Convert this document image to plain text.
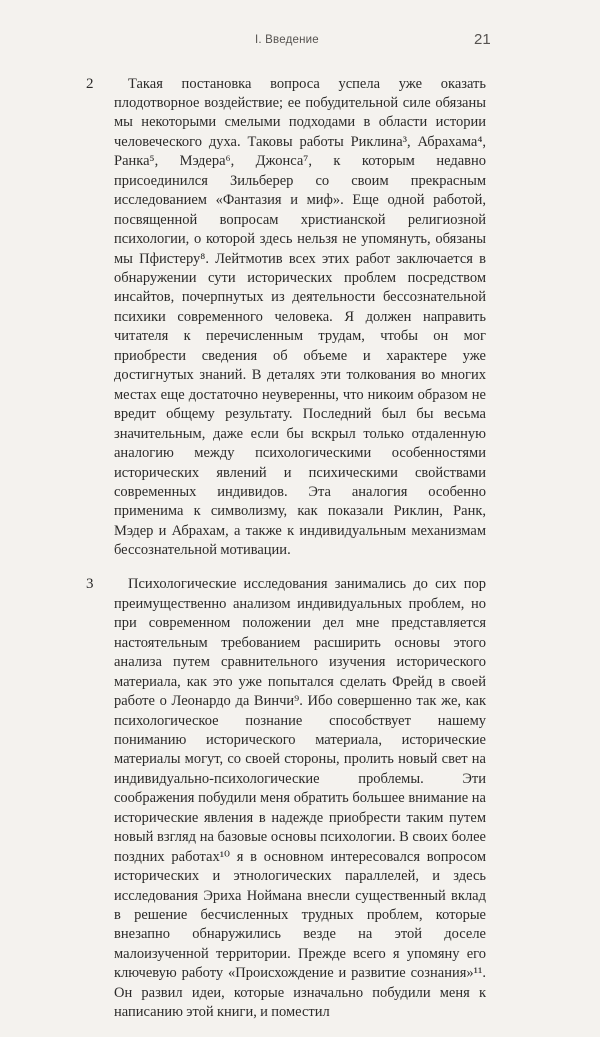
I. Введение	21
2	Такая постановка вопроса успела уже оказать плодотворное воздействие; ее побудительной силе обязаны мы некоторыми смелыми подходами в области истории человеческого духа. Таковы работы Риклина³, Абрахама⁴, Ранка⁵, Мэдера⁶, Джонса⁷, к которым недавно присоединился Зильберер со своим прекрасным исследованием «Фантазия и миф». Еще одной работой, посвященной вопросам христианской религиозной психологии, о которой здесь нельзя не упомянуть, обязаны мы Пфистеру⁸. Лейтмотив всех этих работ заключается в обнаружении сути исторических проблем посредством инсайтов, почерпнутых из деятельности бессознательной психики современного человека. Я должен направить читателя к перечисленным трудам, чтобы он мог приобрести сведения об объеме и характере уже достигнутых знаний. В деталях эти толкования во многих местах еще достаточно неуверенны, что никоим образом не вредит общему результату. Последний был бы весьма значительным, даже если бы вскрыл только отдаленную аналогию между психологическими особенностями исторических явлений и психическими свойствами современных индивидов. Эта аналогия особенно применима к символизму, как показали Риклин, Ранк, Мэдер и Абрахам, а также к индивидуальным механизмам бессознательной мотивации.

3	Психологические исследования занимались до сих пор преимущественно анализом индивидуальных проблем, но при современном положении дел мне представляется настоятельным требованием расширить основы этого анализа путем сравнительного изучения исторического материала, как это уже попытался сделать Фрейд в своей работе о Леонардо да Винчи⁹. Ибо совершенно так же, как психологическое познание способствует нашему пониманию исторического материала, исторические материалы могут, со своей стороны, пролить новый свет на индивидуально-психологические проблемы. Эти соображения побудили меня обратить большее внимание на исторические явления в надежде приобрести таким путем новый взгляд на базовые основы психологии. В своих более поздних работах¹⁰ я в основном интересовался вопросом исторических и этнологических параллелей, и здесь исследования Эриха Ноймана внесли существенный вклад в решение бесчисленных трудных проблем, которые внезапно обнаружились везде на этой доселе малоизученной территории. Прежде всего я упомяну его ключевую работу «Происхождение и развитие сознания»¹¹. Он развил идеи, которые изначально побудили меня к написанию этой книги, и поместил
